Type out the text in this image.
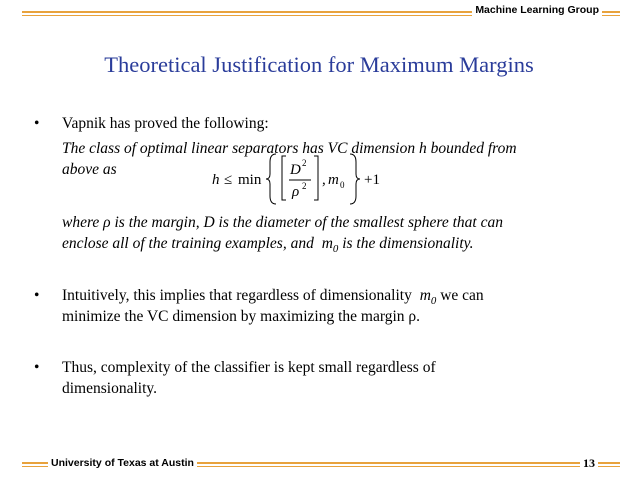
Machine Learning Group
University of Texas at Austin	13
Theoretical Justification for Maximum Margins
• Vapnik has proved the following:
The class of optimal linear separators has VC dimension h bounded from
above as
h ≤ min
D 2
ρ 2 , m 0 +1
where ρ is the margin, D is the diameter of the smallest sphere that can
enclose all of the training examples, and $m_0$ is the dimensionality.
• Intuitively, this implies that regardless of dimensionality $m_0$ we can
minimize the VC dimension by maximizing the margin ρ.
• Thus, complexity of the classifier is kept small regardless of
dimensionality.
